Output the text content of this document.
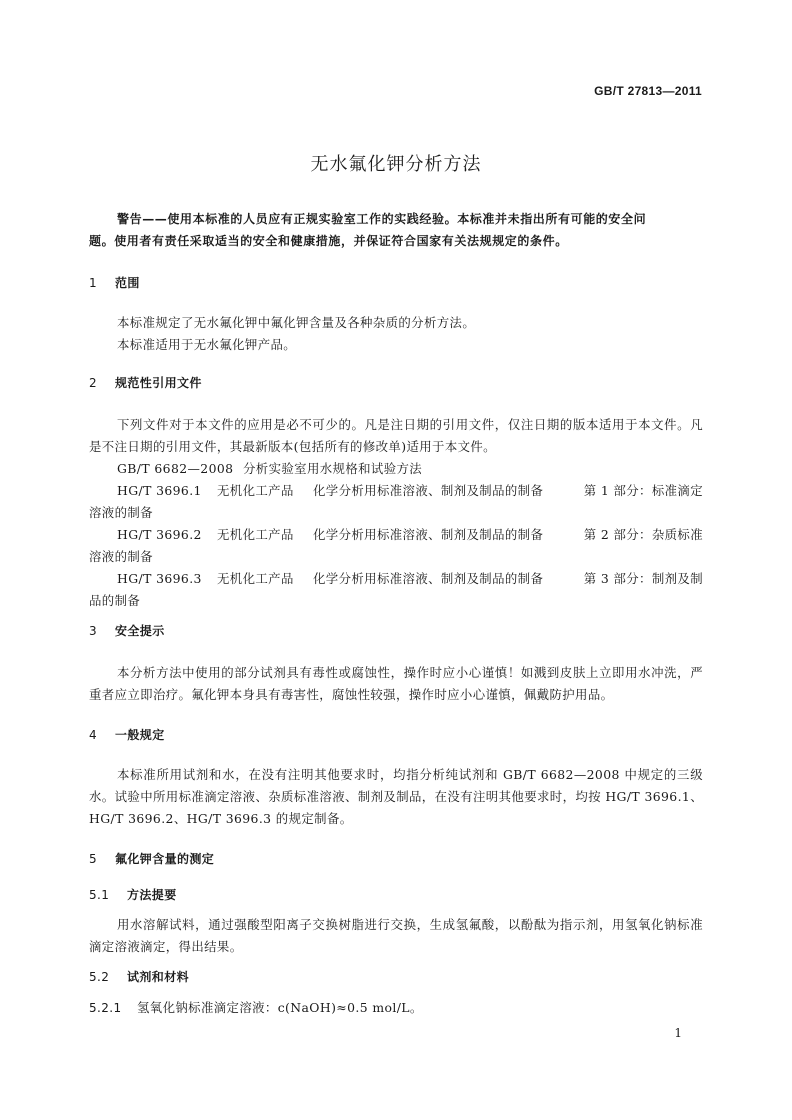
GB/T 27813—2011
无水氟化钾分析方法
警告——使用本标准的人员应有正规实验室工作的实践经验。本标准并未指出所有可能的安全问
题。使用者有责任采取适当的安全和健康措施，并保证符合国家有关法规规定的条件。
1 范围
本标准规定了无水氟化钾中氟化钾含量及各种杂质的分析方法。
本标准适用于无水氟化钾产品。
2 规范性引用文件
下列文件对于本文件的应用是必不可少的。凡是注日期的引用文件，仅注日期的版本适用于本文件。凡是不注日期的引用文件，其最新版本(包括所有的修改单)适用于本文件。
GB/T 6682—2008 分析实验室用水规格和试验方法
HG/T 3696.1	无机化工产品	化学分析用标准溶液、制剂及制品的制备	第 1 部分：标准滴定
溶液的制备
HG/T 3696.2	无机化工产品	化学分析用标准溶液、制剂及制品的制备	第 2 部分：杂质标准
溶液的制备
HG/T 3696.3	无机化工产品	化学分析用标准溶液、制剂及制品的制备	第 3 部分：制剂及制
品的制备
3 安全提示
本分析方法中使用的部分试剂具有毒性或腐蚀性，操作时应小心谨慎！如溅到皮肤上立即用水冲洗，严重者应立即治疗。氟化钾本身具有毒害性，腐蚀性较强，操作时应小心谨慎，佩戴防护用品。
4 一般规定
本标准所用试剂和水，在没有注明其他要求时，均指分析纯试剂和 GB/T 6682—2008 中规定的三级水。试验中所用标准滴定溶液、杂质标准溶液、制剂及制品，在没有注明其他要求时，均按 HG/T 3696.1、HG/T 3696.2、HG/T 3696.3 的规定制备。
5 氟化钾含量的测定
5.1 方法提要
用水溶解试料，通过强酸型阳离子交换树脂进行交换，生成氢氟酸，以酚酞为指示剂，用氢氧化钠标准滴定溶液滴定，得出结果。
5.2 试剂和材料
5.2.1 氢氧化钠标准滴定溶液：c(NaOH)≈0.5 mol/L。
1
